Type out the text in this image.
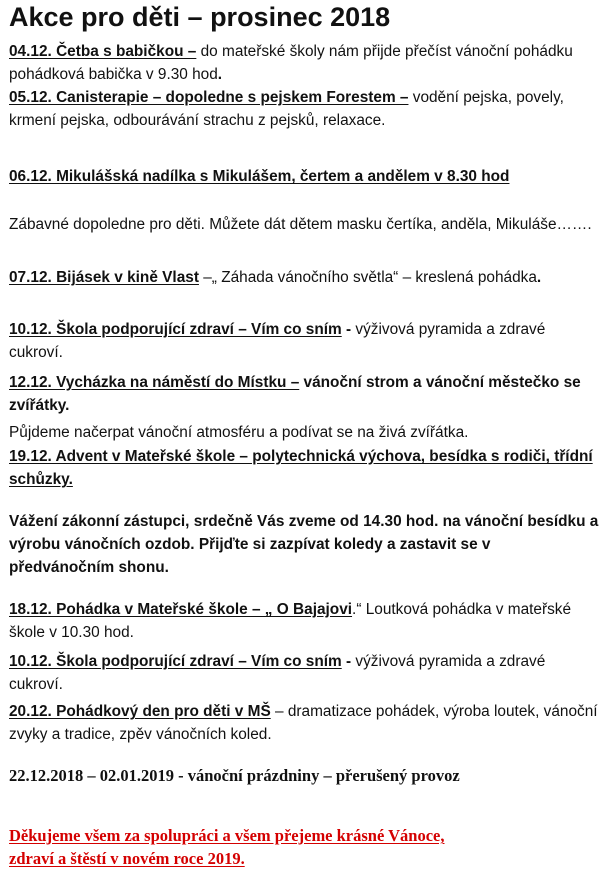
Akce pro děti – prosinec 2018
04.12. Četba s babičkou – do mateřské školy nám přijde přečíst vánoční pohádku pohádková babička v 9.30 hod.
05.12. Canisterapie – dopoledne s pejskem Forestem – vodění pejska, povely, krmení pejska, odbourávání strachu z pejsků, relaxace.
06.12. Mikulášská nadílka s Mikulášem, čertem a andělem v 8.30 hod
Zábavné dopoledne pro děti. Můžete dát dětem masku čertíka, anděla, Mikuláše…….
07.12. Bijásek v kině Vlast –„ Záhada vánočního světla“ – kreslená pohádka.
10.12. Škola podporující zdraví – Vím co sním - výživová pyramida a zdravé cukroví.
12.12. Vycházka na náměstí do Místku – vánoční strom a vánoční městečko se zvířátky.
Půjdeme načerpat vánoční atmosféru a podívat se na živá zvířátka.
19.12. Advent v Mateřské škole – polytechnická výchova, besídka s rodiči, třídní schůzky.
Vážení zákonní zástupci, srdečně Vás zveme od 14.30 hod. na vánoční besídku a výrobu vánočních ozdob. Přijďte si zazpívat koledy a zastavit se v předvánočním shonu.
18.12. Pohádka v Mateřské škole – „ O Bajajovi.“ Loutková pohádka v mateřské škole v 10.30 hod.
10.12. Škola podporující zdraví – Vím co sním - výživová pyramida a zdravé cukroví.
20.12. Pohádkový den pro děti v MŠ – dramatizace pohádek, výroba loutek, vánoční zvyky a tradice, zpěv vánočních koled.
22.12.2018 – 02.01.2019 - vánoční prázdniny – přerušený provoz
Děkujeme všem za spolupráci a všem přejeme krásné Vánoce,
zdraví a štěstí v novém roce 2019.
